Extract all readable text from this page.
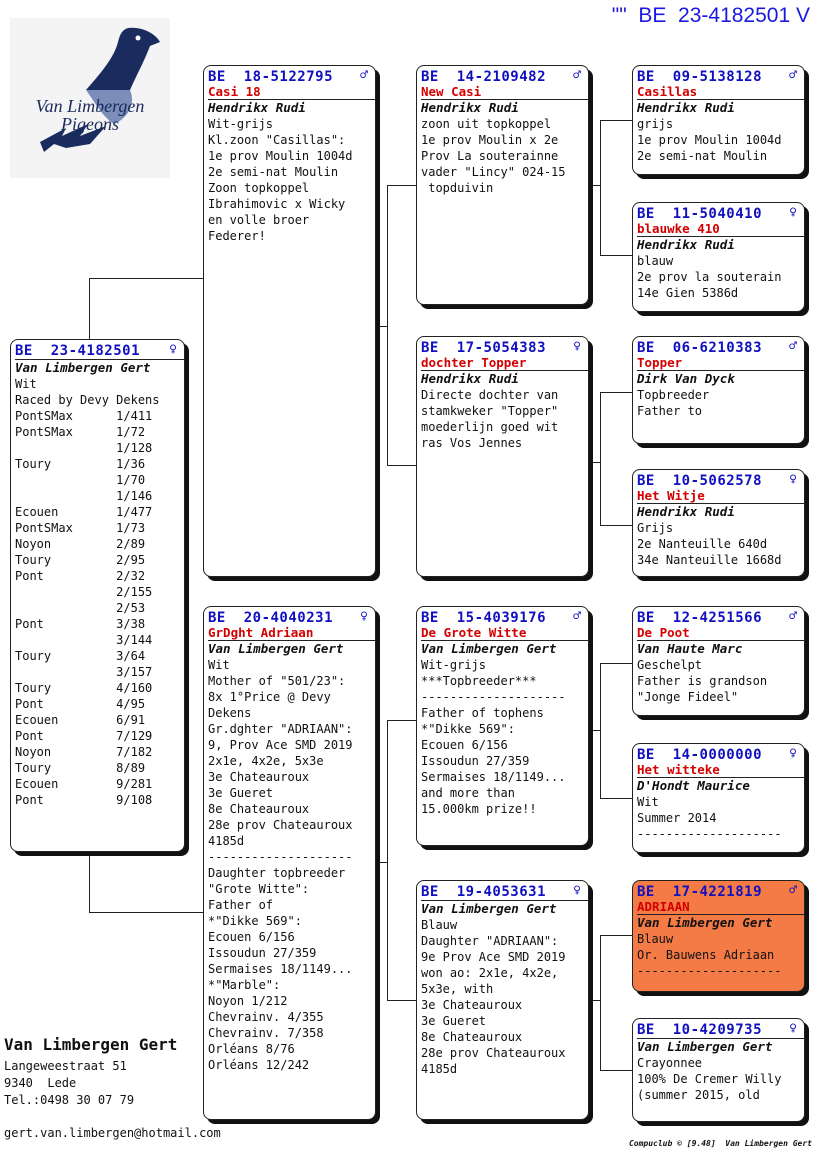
""  BE  23-4182501 V
Van Limbergen
Pigeons
BE  23-4182501	♀
Van Limbergen Gert
Wit
Raced by Devy Dekens
PontSMax      1/411
PontSMax      1/72
1/128
Toury         1/36
1/70
1/146
Ecouen        1/477
PontSMax      1/73
Noyon         2/89
Toury         2/95
Pont          2/32
2/155
2/53
Pont          3/38
3/144
Toury         3/64
3/157
Toury         4/160
Pont          4/95
Ecouen        6/91
Pont          7/129
Noyon         7/182
Toury         8/89
Ecouen        9/281
Pont          9/108
BE  18-5122795	♂
Casi 18
Hendrikx Rudi
Wit-grijs
Kl.zoon "Casillas":
1e prov Moulin 1004d
2e semi-nat Moulin
Zoon topkoppel
Ibrahimovic x Wicky
en volle broer
Federer!
BE  20-4040231	♀
GrDght Adriaan
Van Limbergen Gert
Wit
Mother of "501/23":
8x 1°Price @ Devy
Dekens
Gr.dghter "ADRIAAN":
9, Prov Ace SMD 2019
2x1e, 4x2e, 5x3e
3e Chateauroux
3e Gueret
8e Chateauroux
28e prov Chateauroux
4185d
--------------------
Daughter topbreeder
"Grote Witte":
Father of
*"Dikke 569":
Ecouen 6/156
Issoudun 27/359
Sermaises 18/1149...
*"Marble":
Noyon 1/212
Chevrainv. 4/355
Chevrainv. 7/358
Orléans 8/76
Orléans 12/242
BE  14-2109482	♂
New Casi
Hendrikx Rudi
zoon uit topkoppel
1e prov Moulin x 2e
Prov La souterainne
vader "Lincy" 024-15
topduivin
BE  17-5054383	♀
dochter Topper
Hendrikx Rudi
Directe dochter van
stamkweker "Topper"
moederlijn goed wit
ras Vos Jennes
BE  15-4039176	♂
De Grote Witte
Van Limbergen Gert
Wit-grijs
***Topbreeder***
--------------------
Father of tophens
*"Dikke 569":
Ecouen 6/156
Issoudun 27/359
Sermaises 18/1149...
and more than
15.000km prize!!
BE  19-4053631	♀
Van Limbergen Gert
Blauw
Daughter "ADRIAAN":
9e Prov Ace SMD 2019
won ao: 2x1e, 4x2e,
5x3e, with
3e Chateauroux
3e Gueret
8e Chateauroux
28e prov Chateauroux
4185d
BE  09-5138128	♂
Casillas
Hendrikx Rudi
grijs
1e prov Moulin 1004d
2e semi-nat Moulin
BE  11-5040410	♀
blauwke 410
Hendrikx Rudi
blauw
2e prov la souterain
14e Gien 5386d
BE  06-6210383	♂
Topper
Dirk Van Dyck
Topbreeder
Father to
BE  10-5062578	♀
Het Witje
Hendrikx Rudi
Grijs
2e Nanteuille 640d
34e Nanteuille 1668d
BE  12-4251566	♂
De Poot
Van Haute Marc
Geschelpt
Father is grandson
"Jonge Fideel"
BE  14-0000000	♀
Het witteke
D'Hondt Maurice
Wit
Summer 2014
--------------------
BE  17-4221819	♂
ADRIAAN
Van Limbergen Gert
Blauw
Or. Bauwens Adriaan
--------------------
BE  10-4209735	♀
Van Limbergen Gert
Crayonnee
100% De Cremer Willy
(summer 2015, old
Van Limbergen Gert
Langeweestraat 51
9340  Lede
Tel.:0498 30 07 79
gert.van.limbergen@hotmail.com
Compuclub © [9.48]  Van Limbergen Gert
